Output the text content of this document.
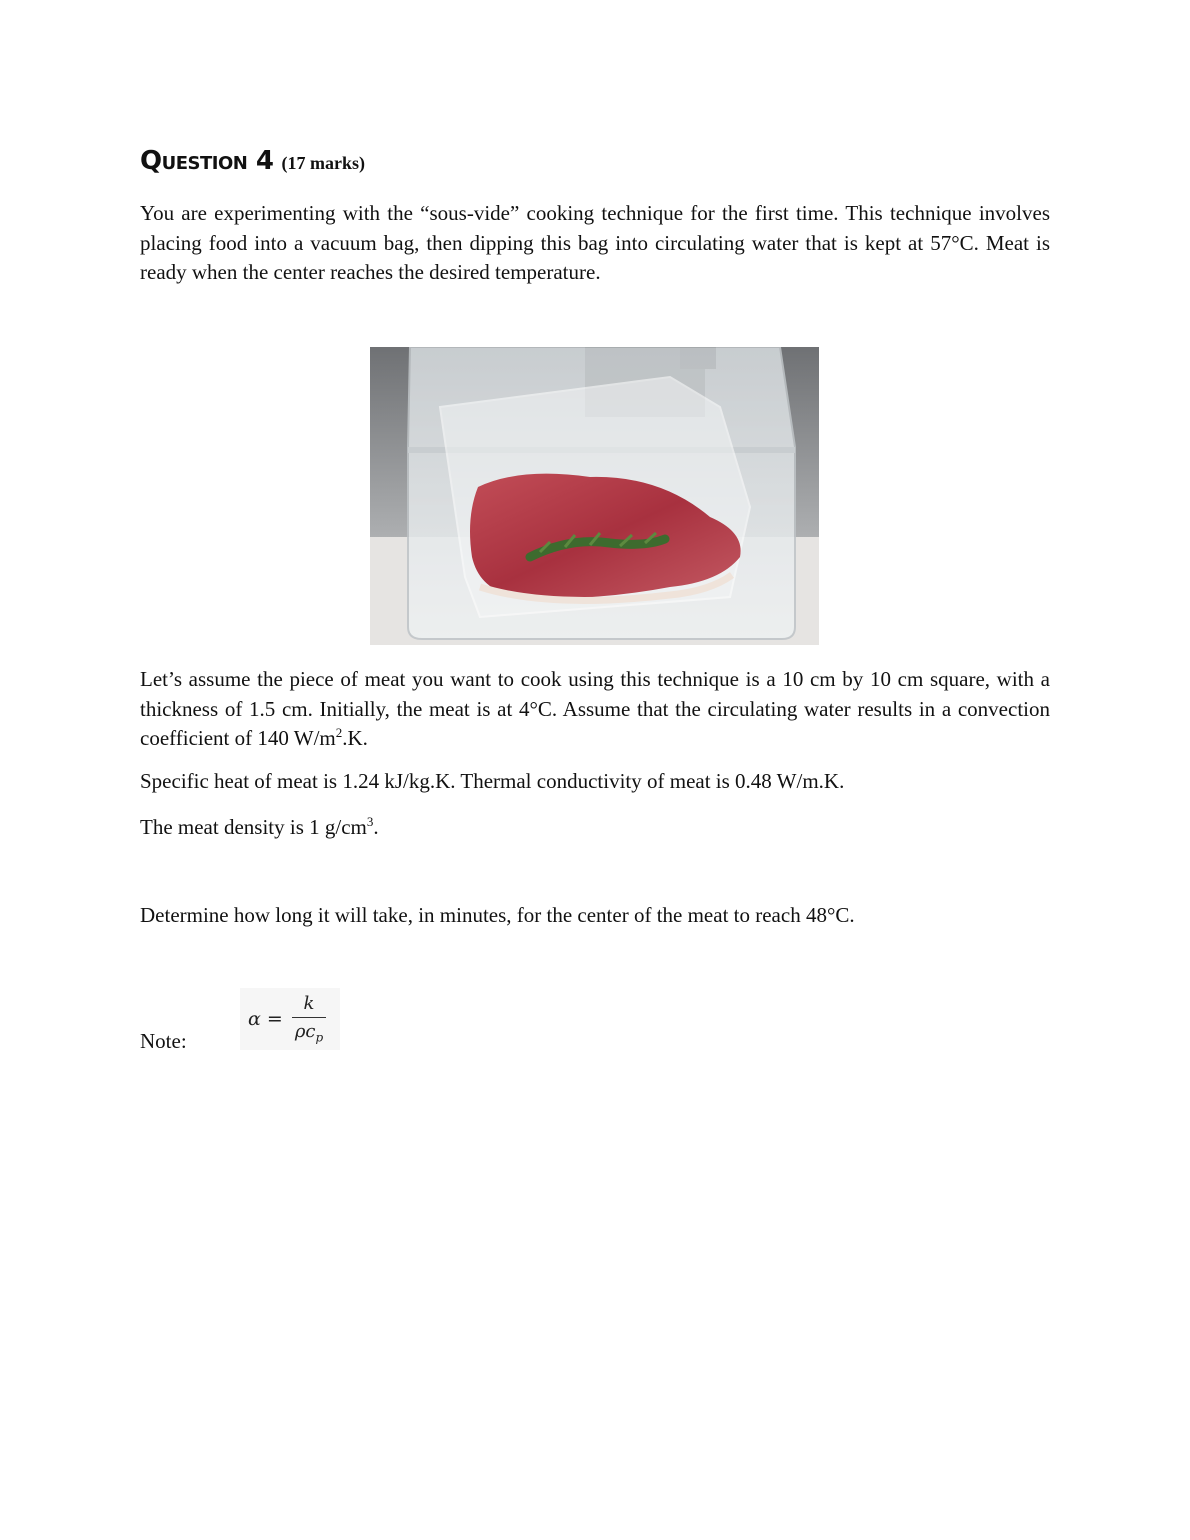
Question 4 (17 marks)
You are experimenting with the “sous-vide” cooking technique for the first time. This technique involves placing food into a vacuum bag, then dipping this bag into circulating water that is kept at 57°C. Meat is ready when the center reaches the desired temperature.
Let’s assume the piece of meat you want to cook using this technique is a 10 cm by 10 cm square, with a thickness of 1.5 cm. Initially, the meat is at 4°C. Assume that the circulating water results in a convection coefficient of 140 $W/m^2.K$.
Specific heat of meat is 1.24 kJ/kg.K. Thermal conductivity of meat is 0.48 W/m.K.
The meat density is 1 $g/cm^3$.
Determine how long it will take, in minutes, for the center of the meat to reach 48°C.
Note:
α =
k
$\rho c_p$
